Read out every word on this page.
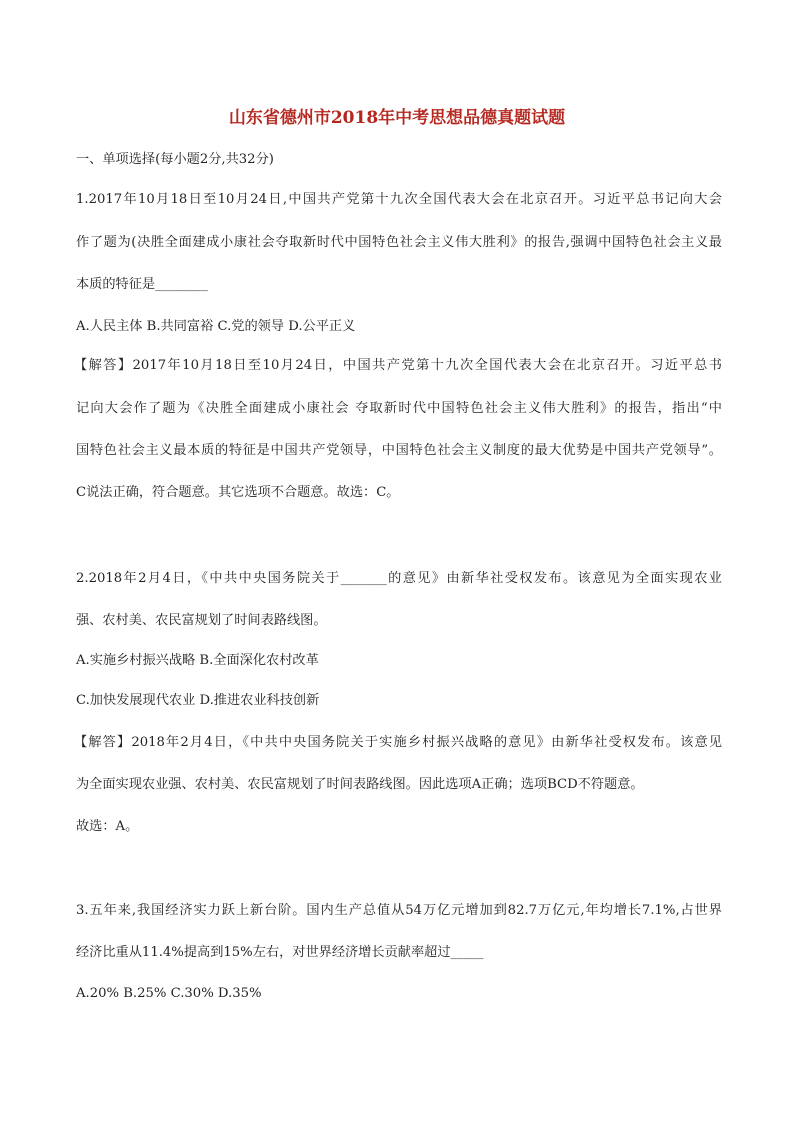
山东省德州市2018年中考思想品德真题试题
一、单项选择(每小题2分,共32分)
1.2017年10月18日至10月24日,中国共产党第十九次全国代表大会在北京召开。习近平总书记向大会
作了题为(决胜全面建成小康社会夺取新时代中国特色社会主义伟大胜利》的报告,强调中国特色社会主义最
本质的特征是________
A.人民主体 B.共同富裕 C.党的领导 D.公平正义
【解答】2017年10月18日至10月24日，中国共产党第十九次全国代表大会在北京召开。习近平总书
记向大会作了题为《决胜全面建成小康社会 夺取新时代中国特色社会主义伟大胜利》的报告，指出“中
国特色社会主义最本质的特征是中国共产党领导，中国特色社会主义制度的最大优势是中国共产党领导”。
C说法正确，符合题意。其它选项不合题意。故选：C。
2.2018年2月4日，《中共中央国务院关于_______的意见》由新华社受权发布。该意见为全面实现农业
强、农村美、农民富规划了时间表路线图。
A.实施乡村振兴战略 B.全面深化农村改革
C.加快发展现代农业 D.推进农业科技创新
【解答】2018年2月4日，《中共中央国务院关于实施乡村振兴战略的意见》由新华社受权发布。该意见
为全面实现农业强、农村美、农民富规划了时间表路线图。因此选项A正确；选项BCD不符题意。
故选：A。
3.五年来,我国经济实力跃上新台阶。国内生产总值从54万亿元增加到82.7万亿元,年均增长7.1%,占世界
经济比重从11.4%提高到15%左右，对世界经济增长贡献率超过_____
A.20% B.25% C.30% D.35%
